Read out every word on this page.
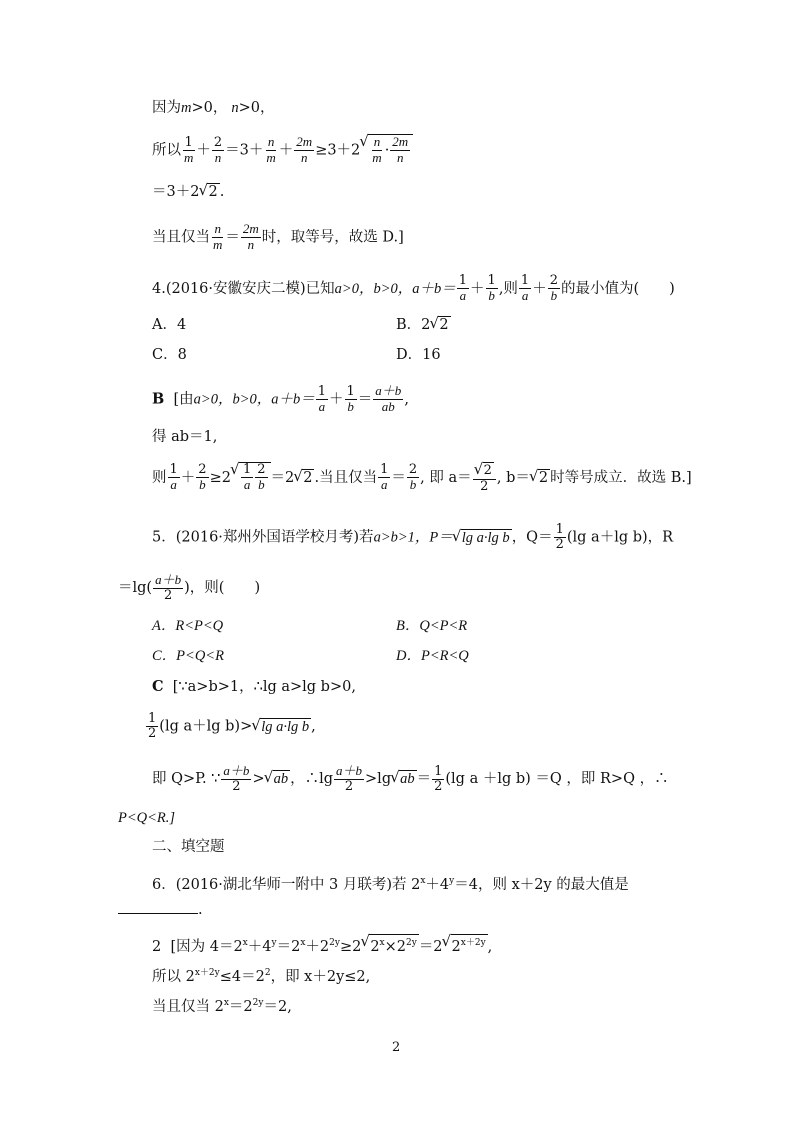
因为m>0， n>0，
所以 $\frac{1}{m} + \frac{2}{n} =3+ \frac{n}{m} + \frac{2m}{n} \ge 3+2$
√ $\frac{n}{m} \cdot \frac{2m}{n}$
＝3＋2√ 2 .
当且仅当 $\frac{n}{m} = \frac{2m}{n}$ 时，取等号，故选 D.]
4.(2016·安徽安庆二模)已知a>0，b>0，$a+b= \frac{1}{a} + \frac{1}{b}$ ,则 $\frac{1}{a} + \frac{2}{b}$ 的最小值为( )
A．4	B．2√ 2
C．8	D．16
B [由a>0，b>0，$a+b= \frac{1}{a} + \frac{1}{b} = \frac{a+b}{ab}$ ,
得 ab＝1,
则 $\frac{1}{a} + \frac{2}{b} \ge 2$
√ $\frac{1}{a} \frac{2}{b} =2√$ 2 .当且仅当 $\frac{1}{a} = \frac{2}{b}$ , 即 a＝
√ $\frac{2}{2}$ , b＝√ 2 时等号成立．故选 B.]
5．(2016·郑州外国语学校月考)若a>b>1，P＝√ lg a·lg b ，$Q= \frac{1}{2} (\lg$ a＋lg b)，R
$=\lg( \frac{a+b}{2}$ )，则( )
A．R<P<Q	B．Q<P<R
C．P<Q<R	D．P<R<Q
C [∵a>b>1，∴lg a>lg b>0,
$\frac{1}{2} (\lg$ a＋lg b)>√ lg a·lg b ,
即 Q>P. ∵ $\frac{a+b}{2}$ >√ ab ，∴lg $\frac{a+b}{2} >\lg√$ ab ＝ $\frac{1}{2} (\lg$ a ＋lg b) ＝Q ，即 R>Q ，∴
P<Q<R.]
二、填空题
6．(2016·湖北华师一附中 3 月联考)若 $2^x+4^y=4$，则 x＋2y 的最大值是
.
2 [因为 $4=2^x+4^y=2^x+2^{2y}\ge 2√$ $2^x\times 2^{2y} =2√$ $2^{x+2y}$ ,
所以 $2^{x+2y}\le 4=2^2$，即 x＋2y≤2,
当且仅当 $2^x=2^{2y}=2$,
2
